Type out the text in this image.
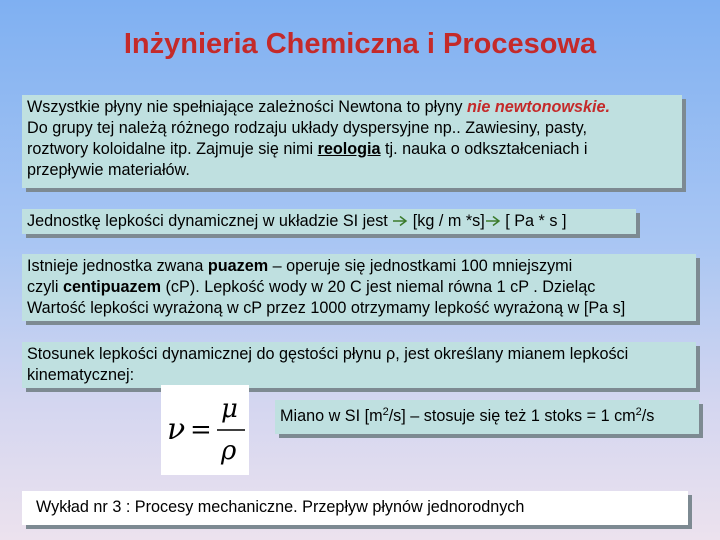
Inżynieria Chemiczna i Procesowa
Wszystkie płyny nie spełniające zależności Newtona to płyny nie newtonowskie.
Do grupy tej należą różnego rodzaju układy dyspersyjne np.. Zawiesiny, pasty,
roztwory koloidalne itp. Zajmuje się nimi reologia tj. nauka o odkształceniach i
przepływie materiałów.
Jednostkę lepkości dynamicznej w układzie SI jest  [kg / m *s] [ Pa * s ]
Istnieje jednostka zwana puazem – operuje się jednostkami 100 mniejszymi
czyli centipuazem (cP). Lepkość wody w 20 C jest niemal równa 1 cP . Dzieląc
Wartość lepkości wyrażoną w cP przez 1000 otrzymamy lepkość wyrażoną w [Pa s]
Stosunek lepkości dynamicznej do gęstości płynu ρ, jest określany mianem lepkości
kinematycznej:
ν =
μ
ρ
Miano w SI $[m^2/s]$ – stosuje się też 1 stoks = 1 $cm^2/s$
Wykład nr 3 : Procesy mechaniczne. Przepływ płynów jednorodnych
